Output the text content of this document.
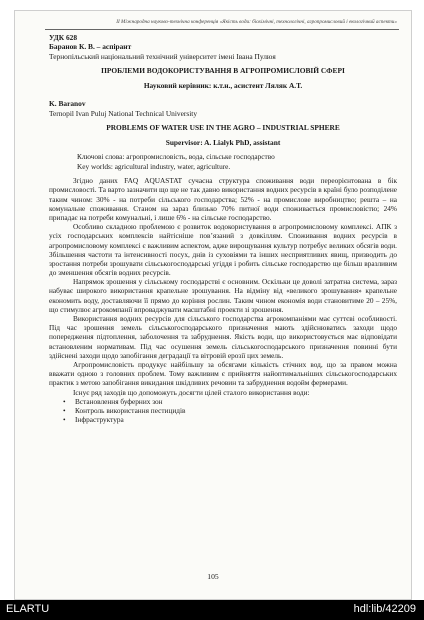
ІІ Міжнародна науково-технічна конференція «Якість води: біохімічні, технологічні, агропромисловий і екологічний аспекти»

УДК 628

Баранов К. В. – аспірант

Тернопільський національний технічний університет імені Івана Пулюя

ПРОБЛЕМИ ВОДОКОРИСТУВАННЯ В АГРОПРОМИСЛОВІЙ СФЕРІ

Науковий керівник: к.т.н., асистент Ляляк А.Т.

K. Baranov

Ternopil Ivan Puluj National Technical University

PROBLEMS OF WATER USE IN THE AGRO – INDUSTRIAL SPHERE

Supervisor: A. Lialyk PhD, assistant

Ключові слова: агропромисловість, вода, сільське господарство

Key worlds: agricultural industry, water, agriculture.

Згідно даних FAQ AQUASTAT сучасна структура споживання води переорієнтована в бік промисловості. Та варто зазначити що ще не так давно використання водних ресурсів в країні було розподілене таким чином: 30% - на потреби сільського господарства; 52% - на промислове виробництво; решта – на комунальне споживання. Станом на зараз близько 70% питної води споживається промисловістю; 24% припадає на потреби комунальні, і лише 6% - на сільське господарство.

Особливо складною проблемою є розвиток водокористування в агропромисловому комплексі. АПК з усіх господарських комплексів найтісніше пов’язаний з довкіллям. Споживання водних ресурсів в агропромисловому комплексі є важливим аспектом, адже вирощування культур потребує великих обсягів води. Збільшення частоти та інтенсивності посух, днів із суховіями та інших несприятливих явищ, призводить до зростання потреби зрошувати сільськогосподарські угіддя і робить сільське господарство ще більш вразливим до зменшення обсягів водних ресурсів.

Напрямок зрошення у сільському господарстві є основним. Оскільки це доволі затратна система, зараз набуває широкого використання крапельне зрошування. На відміну від «великого зрошування» крапельне економить воду, доставляючи її прямо до коріння рослин. Таким чином економія води становитиме 20 – 25%, що стимулює агрокомпанії впроваджувати масштабні проекти зі зрошення.

Використання водних ресурсів для сільського господарства агрокомпаніями має суттєві особливості. Під час зрошення земель сільськогосподарського призначення мають здійснюватись заходи щодо попередження підтоплення, заболочення та забруднення. Якість води, що використовується має відповідати встановленим нормативам. Під час осушення земель сільськогосподарського призначення повинні бути здійснені заходи щодо запобігання деградації та вітровій ерозії цих земель.

Агропромисловість продукує найбільшу за обсягами кількість стічних вод, що за правом можна вважати одною з головних проблем. Тому важливим є прийняття найоптимальніших сільськогосподарських практик з метою запобігання викидання шкідливих речовин та забруднення водойм фермерами.

Існує ряд заходів що допоможуть досягти цілей сталого використання води:

• Встановлення буферних зон
• Контроль використання пестицидів
• Інфраструктура
105
ELARTU	hdl:lib/42209
